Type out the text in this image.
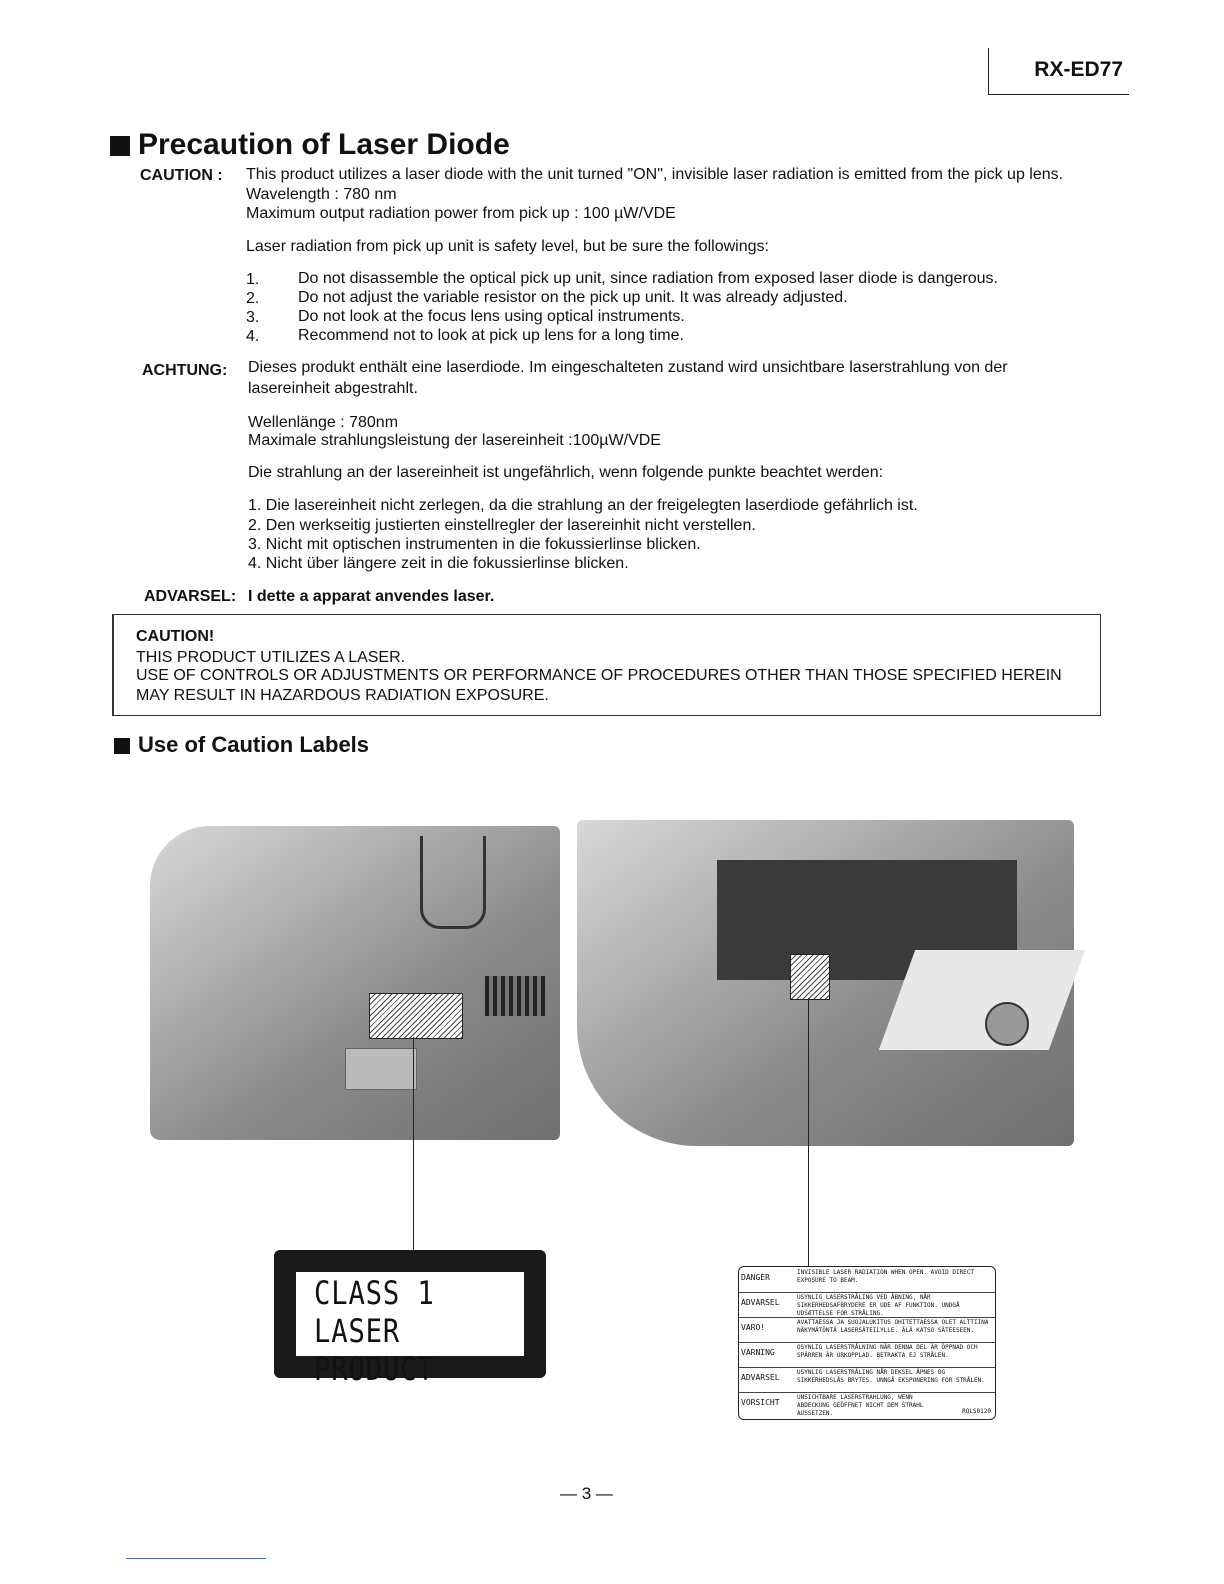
RX-ED77
Precaution of Laser Diode
CAUTION : This product utilizes a laser diode with the unit turned "ON", invisible laser radiation is emitted from the pick up lens.
Wavelength : 780 nm
Maximum output radiation power from pick up : 100 µW/VDE
Laser radiation from pick up unit is safety level, but be sure the followings:
1. Do not disassemble the optical pick up unit, since radiation from exposed laser diode is dangerous.
2. Do not adjust the variable resistor on the pick up unit. It was already adjusted.
3. Do not look at the focus lens using optical instruments.
4. Recommend not to look at pick up lens for a long time.
ACHTUNG: Dieses produkt enthält eine laserdiode. Im eingeschalteten zustand wird unsichtbare laserstrahlung von der
lasereinheit abgestrahlt.
Wellenlänge : 780nm
Maximale strahlungsleistung der lasereinheit :100µW/VDE
Die strahlung an der lasereinheit ist ungefährlich, wenn folgende punkte beachtet werden:
1. Die lasereinheit nicht zerlegen, da die strahlung an der freigelegten laserdiode gefährlich ist.
2. Den werkseitig justierten einstellregler der lasereinhit nicht verstellen.
3. Nicht mit optischen instrumenten in die fokussierlinse blicken.
4. Nicht über längere zeit in die fokussierlinse blicken.
ADVARSEL: I dette a apparat anvendes laser.
CAUTION!
THIS PRODUCT UTILIZES A LASER.
USE OF CONTROLS OR ADJUSTMENTS OR PERFORMANCE OF PROCEDURES OTHER THAN THOSE SPECIFIED HEREIN
MAY RESULT IN HAZARDOUS RADIATION EXPOSURE.
Use of Caution Labels
CLASS 1
LASER PRODUCT
DANGER
INVISIBLE LASER RADIATION WHEN OPEN. AVOID DIRECT EXPOSURE TO BEAM.
ADVARSEL
USYNLIG LASERSTRÅLING VED ÅBNING, NÅR SIKKERHEDSAFBRYDERE ER UDE AF FUNKTION. UNDGÅ UDSÆTTELSE FOR STRÅLING.
VARO!
AVATTAESSA JA SUOJALUKITUS OHITETTAESSA OLET ALTTIINA NÄKYMÄTÖNTÄ LASERSÄTEILYLLE. ÄLÄ KATSO SÄTEESEEN.
VARNING
OSYNLIG LASERSTRÅLNING NÄR DENNA DEL ÄR ÖPPNAD OCH SPÄRREN ÄR URKOPPLAD. BETRAKTA EJ STRÅLEN.
ADVARSEL
USYNLIG LASERSTRÅLING NÅR DEKSEL ÅPNES OG SIKKERHEDSLÅS BRYTES. UNNGÅ EKSPONERING FOR STRÅLEN.
VORSICHT
UNSICHTBARE LASERSTRAHLUNG, WENN ABDECKUNG GEÖFFNET NICHT DEM STRAHL AUSSETZEN.	RQLS0120
— 3 —
